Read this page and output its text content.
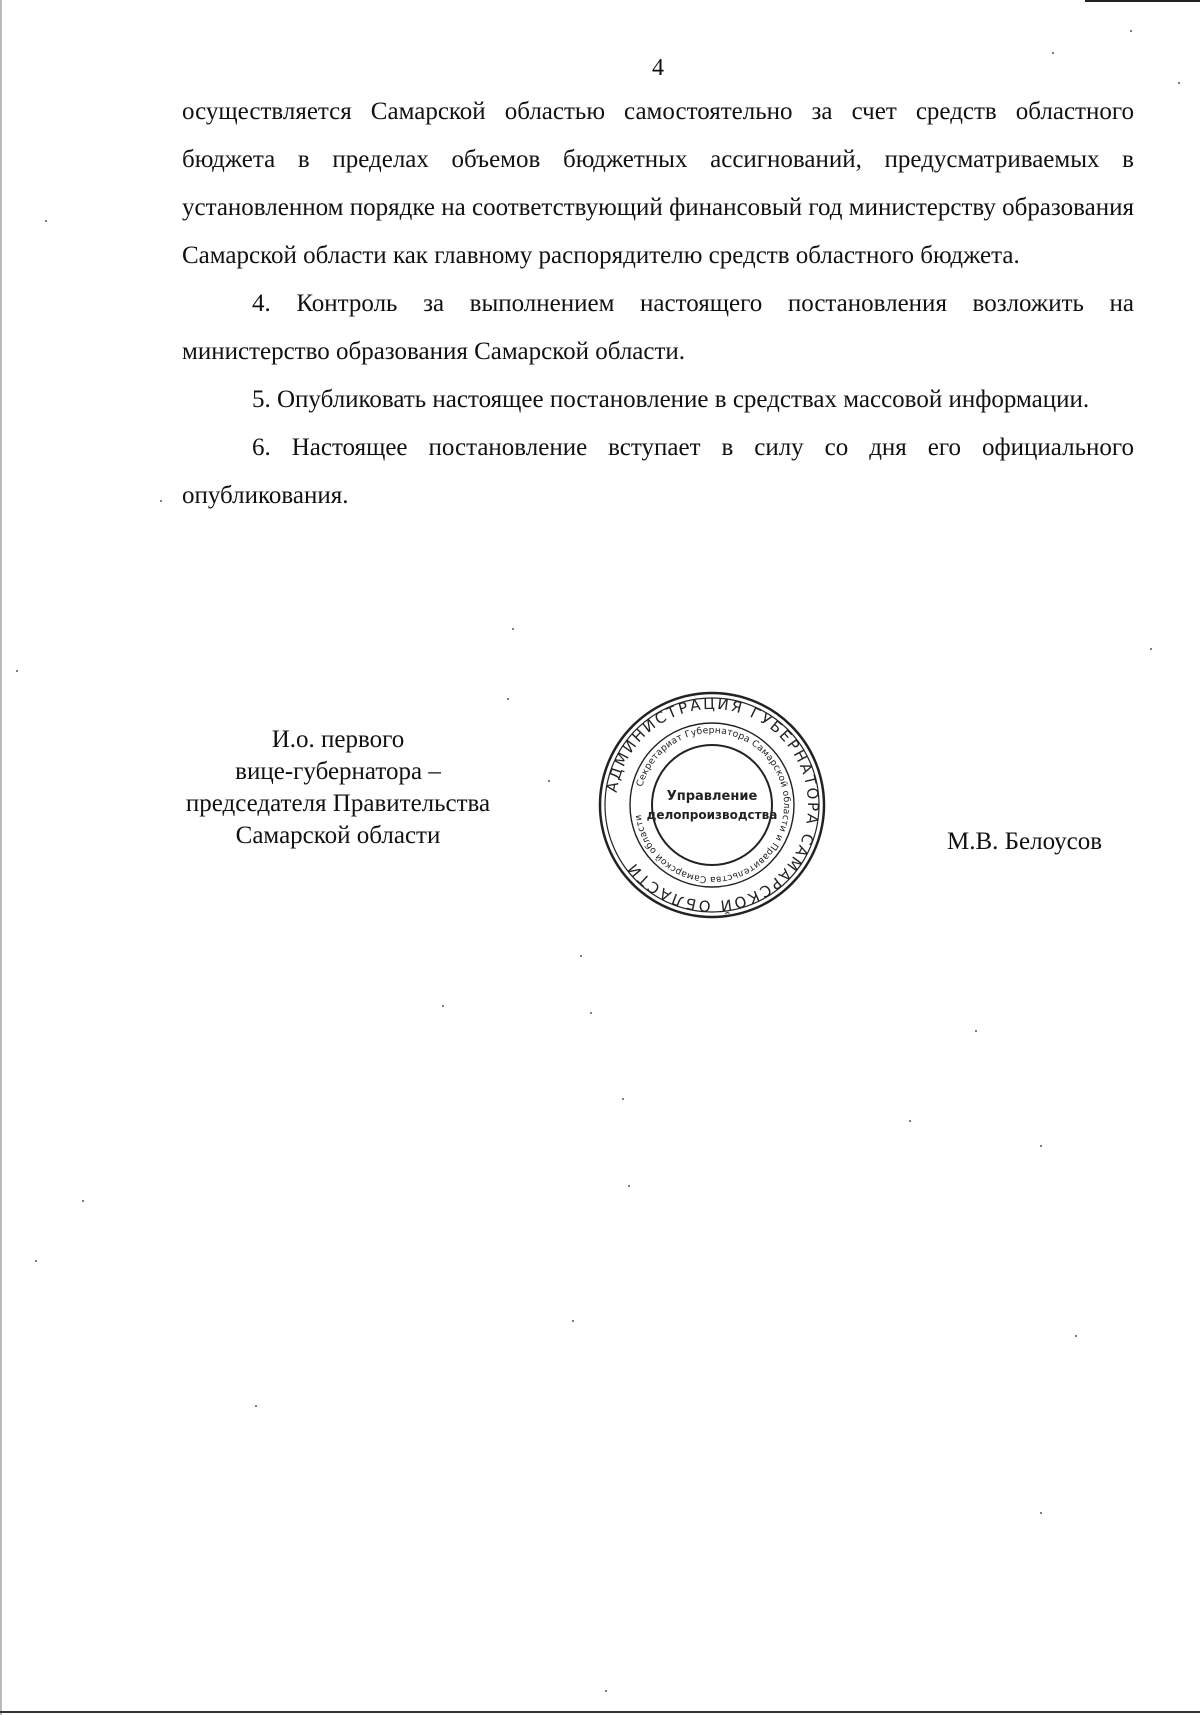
4

осуществляется Самарской областью самостоятельно за счет средств областного бюджета в пределах объемов бюджетных ассигнований, предусматриваемых в установленном порядке на соответствующий финансовый год министерству образования Самарской области как главному распорядителю средств областного бюджета.

4. Контроль за выполнением настоящего постановления возложить на министерство образования Самарской области.

5. Опубликовать настоящее постановление в средствах массовой информации.

6. Настоящее постановление вступает в силу со дня его официального опубликования.

И.о. первого
вице-губернатора –
председателя Правительства
Самарской области
АДМИНИСТРАЦИЯ ГУБЕРНАТОРА САМАРСКОЙ ОБЛАСТИ
Секретариат Губернатора Самарской области и Правительства Самарской области
Управление
делопроизводства
М.В. Белоусов
